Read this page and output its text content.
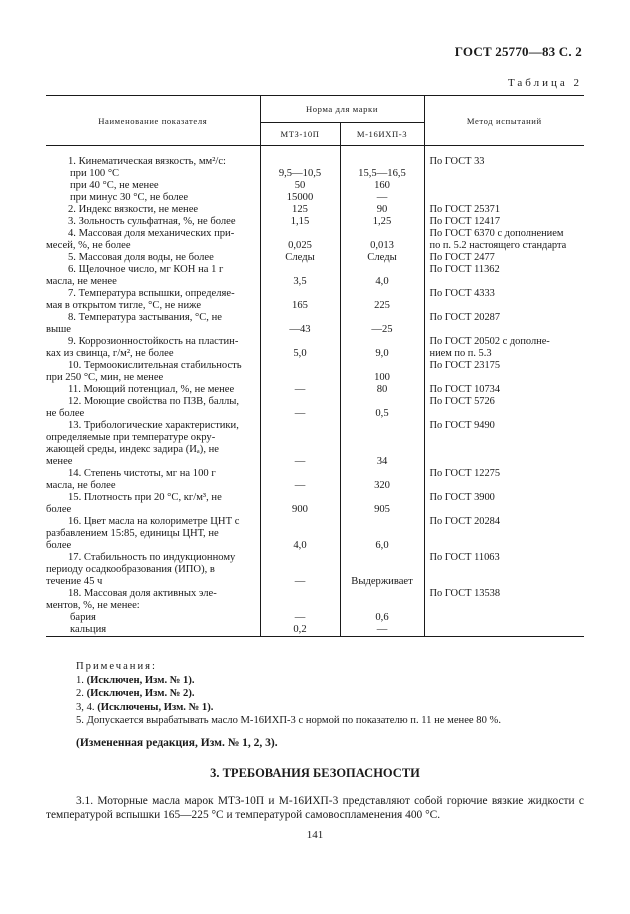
ГОСТ 25770—83 С. 2
Таблица 2
Наименование показателя	Норма для марки		Метод испытаний
	МТЗ-10П	М-16ИХП-3	

1. Кинематическая вязкость, мм²/с:			По ГОСТ 33

при 100 °С	9,5—10,5	15,5—16,5	

при 40 °С, не менее	50	160	

при минус 30 °С, не более	15000	—	

2. Индекс вязкости, не менее	125	90	По ГОСТ 25371

3. Зольность сульфатная, %, не более	1,15	1,25	По ГОСТ 12417

4. Массовая доля механических при-
месей, %, не более	0,025	0,013	По ГОСТ 6370 с дополнением
по п. 5.2 настоящего стандарта

5. Массовая доля воды, не более	Следы	Следы	По ГОСТ 2477

6. Щелочное число, мг КОН на 1 г
масла, не менее	3,5	4,0	По ГОСТ 11362

7. Температура вспышки, определяе-
мая в открытом тигле, °С, не ниже	165	225	По ГОСТ 4333

8. Температура застывания, °С, не
выше	—43	—25	По ГОСТ 20287

9. Коррозионностойкость на пластин-
ках из свинца, г/м², не более	5,0	9,0	По ГОСТ 20502 с дополне-
нием по п. 5.3

10. Термоокислительная стабильность
при 250 °С, мин, не менее		100	По ГОСТ 23175

11. Моющий потенциал, %, не менее	—	80	По ГОСТ 10734

12. Моющие свойства по ПЗВ, баллы,
не более	—	0,5	По ГОСТ 5726

13. Трибологические характеристики,
определяемые при температуре окру-
жающей среды, индекс задира (Иₐ), не
менее	—	34	По ГОСТ 9490

14. Степень чистоты, мг на 100 г
масла, не более	—	320	По ГОСТ 12275

15. Плотность при 20 °С, кг/м³, не
более	900	905	По ГОСТ 3900

16. Цвет масла на колориметре ЦНТ с
разбавлением 15:85, единицы ЦНТ, не
более	4,0	6,0	По ГОСТ 20284

17. Стабильность по индукционному
периоду осадкообразования (ИПО), в
течение 45 ч	—	Выдерживает	По ГОСТ 11063

18. Массовая доля активных эле-
ментов, %, не менее:			По ГОСТ 13538

бария	—	0,6	

кальция	0,2	—	
Примечания:
1. (Исключен, Изм. № 1).
2. (Исключен, Изм. № 2).
3, 4. (Исключены, Изм. № 1).
5. Допускается вырабатывать масло М-16ИХП-3 с нормой по показателю п. 11 не менее 80 %.
(Измененная редакция, Изм. № 1, 2, 3).
3. ТРЕБОВАНИЯ БЕЗОПАСНОСТИ
3.1. Моторные масла марок МТЗ-10П и М-16ИХП-3 представляют собой горючие вязкие жидкости с температурой вспышки 165—225 °С и температурой самовоспламенения 400 °С.
141
